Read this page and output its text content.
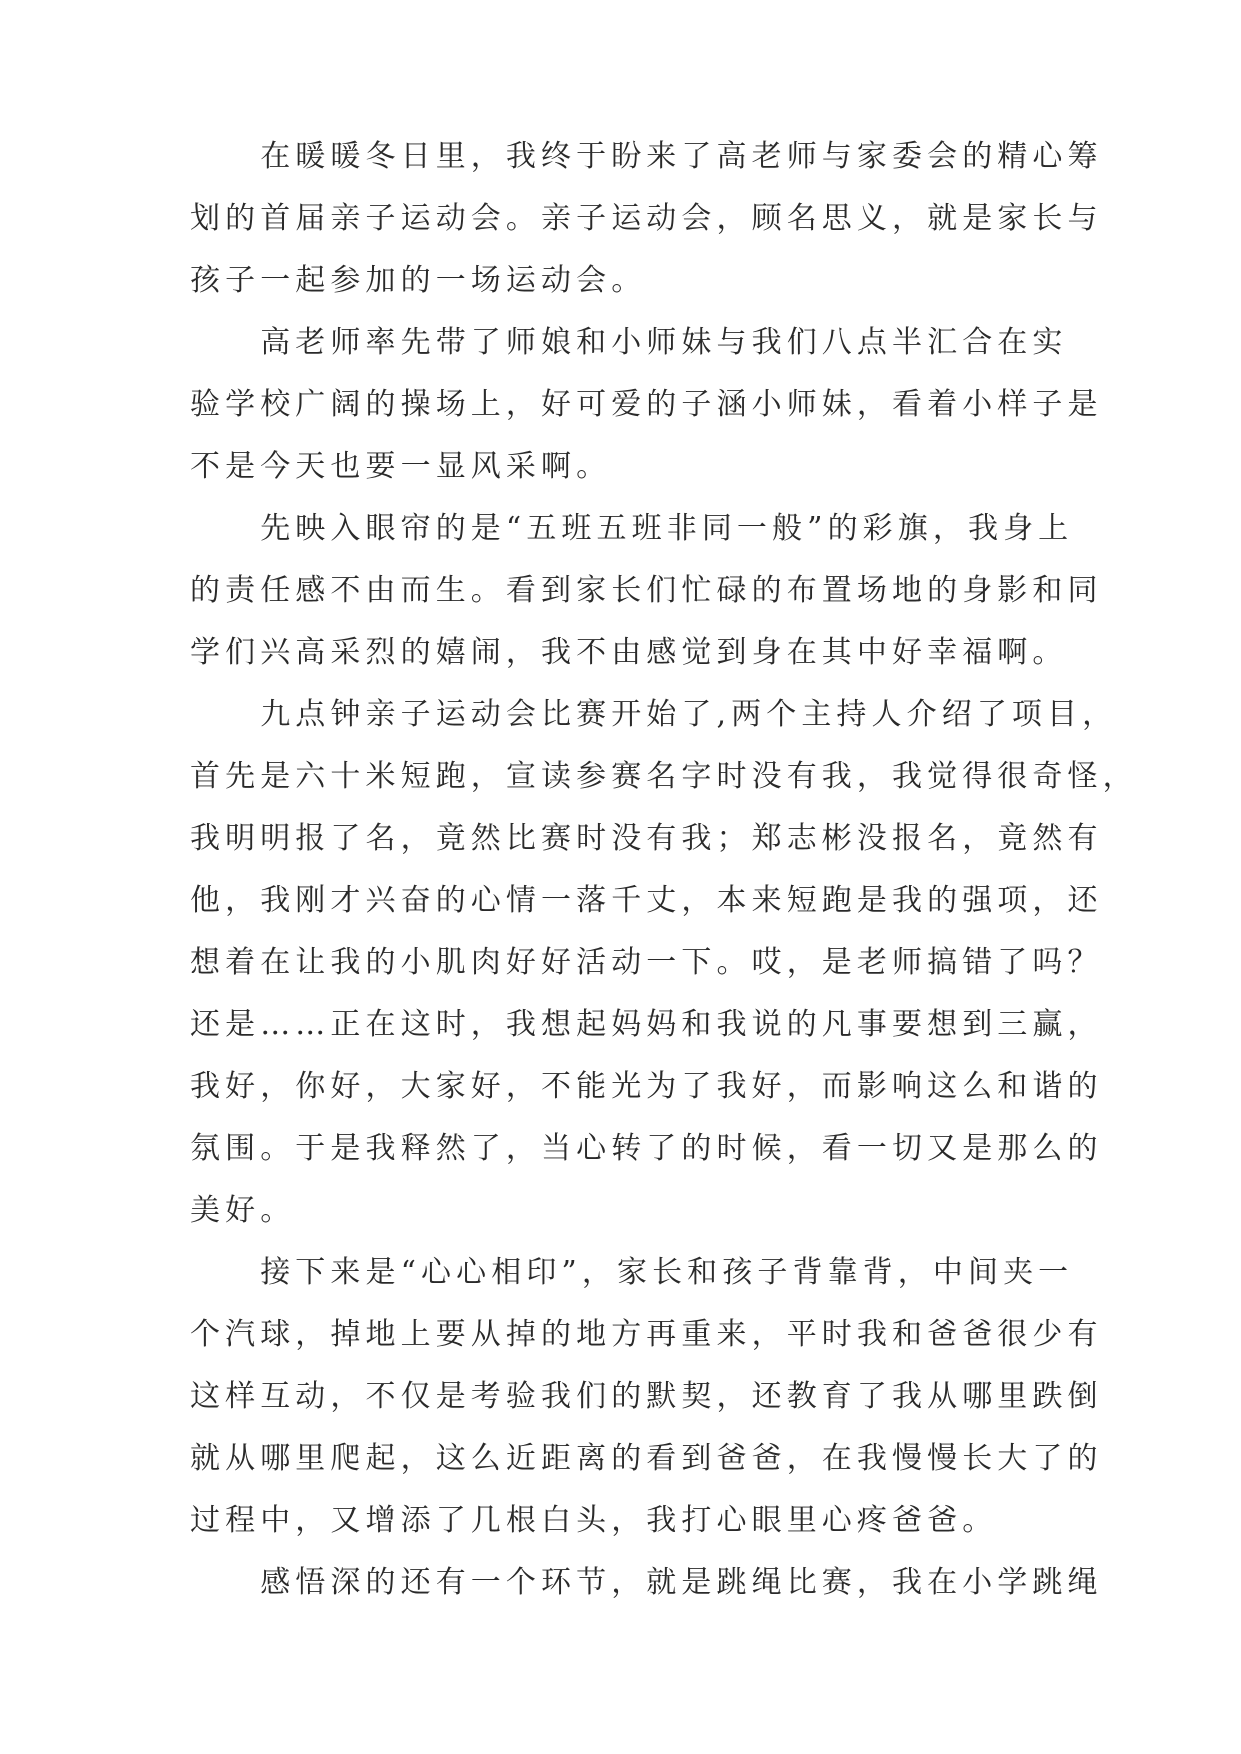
　　在暖暖冬日里，我终于盼来了高老师与家委会的精心筹
划的首届亲子运动会。亲子运动会，顾名思义，就是家长与
孩子一起参加的一场运动会。
　　高老师率先带了师娘和小师妹与我们八点半汇合在实
验学校广阔的操场上，好可爱的子涵小师妹，看着小样子是
不是今天也要一显风采啊。
　　先映入眼帘的是“五班五班非同一般”的彩旗，我身上
的责任感不由而生。看到家长们忙碌的布置场地的身影和同
学们兴高采烈的嬉闹，我不由感觉到身在其中好幸福啊。
　　九点钟亲子运动会比赛开始了,两个主持人介绍了项目，
首先是六十米短跑，宣读参赛名字时没有我，我觉得很奇怪，
我明明报了名，竟然比赛时没有我；郑志彬没报名，竟然有
他，我刚才兴奋的心情一落千丈，本来短跑是我的强项，还
想着在让我的小肌肉好好活动一下。哎，是老师搞错了吗？
还是……正在这时，我想起妈妈和我说的凡事要想到三赢，
我好，你好，大家好，不能光为了我好，而影响这么和谐的
氛围。于是我释然了，当心转了的时候，看一切又是那么的
美好。
　　接下来是“心心相印”，家长和孩子背靠背，中间夹一
个汽球，掉地上要从掉的地方再重来，平时我和爸爸很少有
这样互动，不仅是考验我们的默契，还教育了我从哪里跌倒
就从哪里爬起，这么近距离的看到爸爸，在我慢慢长大了的
过程中，又增添了几根白头，我打心眼里心疼爸爸。
　　感悟深的还有一个环节，就是跳绳比赛，我在小学跳绳
